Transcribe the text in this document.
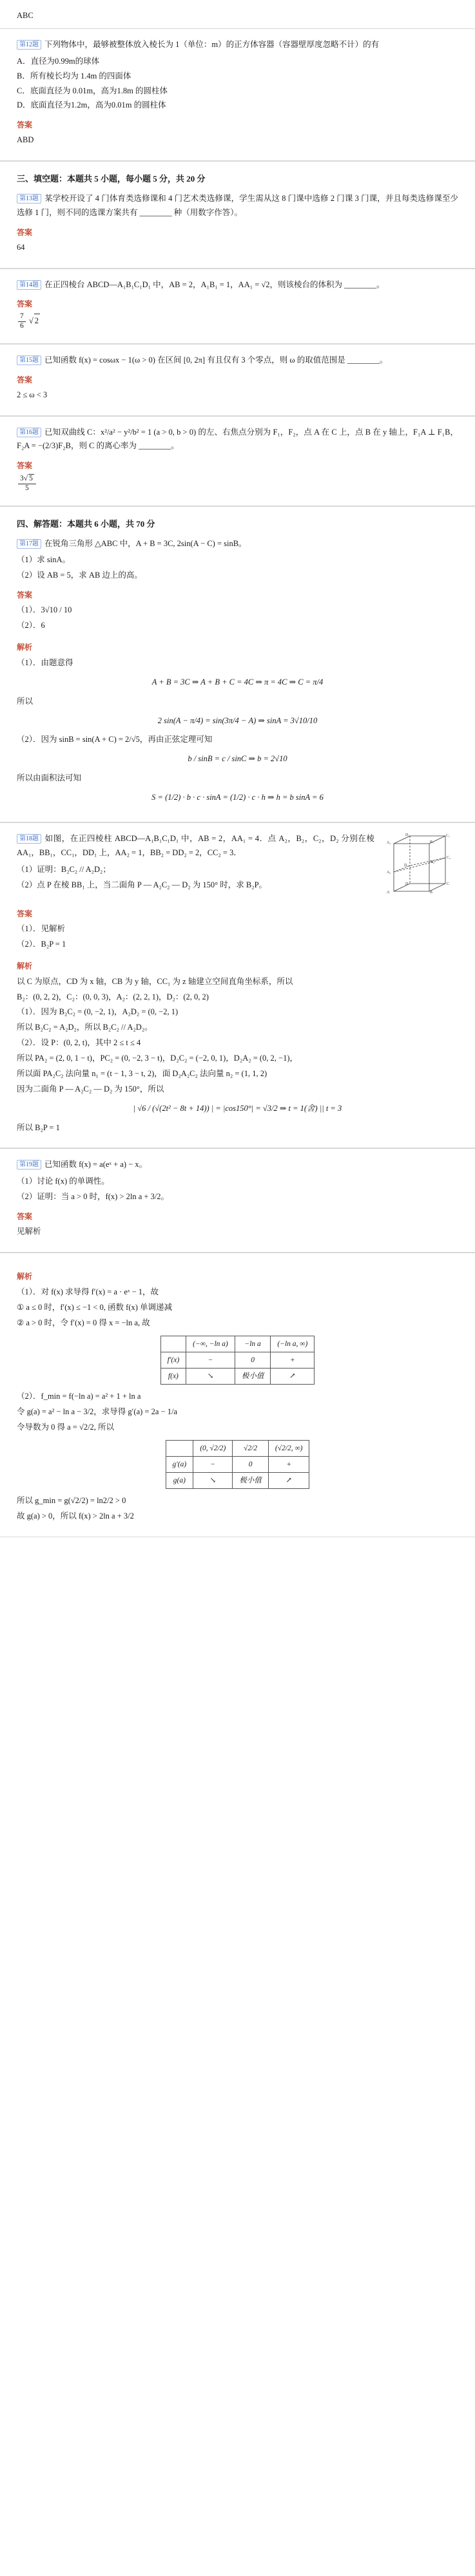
ABC
第12题 下列物体中，最够被整体放入棱长为 1（单位：m）的正方体容器（容器壁厚度忽略不计）的有
A．直径为0.99m的球体
B．所有棱长均为 1.4m 的四面体
C．底面直径为 0.01m，高为1.8m 的圆柱体
D．底面直径为1.2m，高为0.01m 的圆柱体
答案
ABD
三、填空题：本题共 5 小题，每小题 5 分，共 20 分
第13题 某学校开设了 4 门体育类选修课和 4 门艺术类选修课，学生需从这 8 门课中选修 2 门课 3 门课，并且每类选修课至少选修 1 门，则不同的选课方案共有 ________ 种（用数字作答）。
答案
64
第14题 在正四棱台 ABCD—A₁B₁C₁D₁ 中，AB = 2，A₁B₁ = 1，AA₁ = √2，则该棱台的体积为 ________。
答案
$\frac{7}{6}$ √ 2
第15题 已知函数 f(x) = cosωx − 1(ω > 0) 在区间 [0, 2π] 有且仅有 3 个零点，则 ω 的取值范围是 ________。
答案
2 ≤ ω < 3
第16题 已知双曲线 C：x²/a² − y²/b² = 1 (a > 0, b > 0) 的左、右焦点分别为 F₁，F₂，点 A 在 C 上，点 B 在 y 轴上，F₁A ⊥ F₁B，F₂A = −(2/3)F₂B，则 C 的离心率为 ________。
答案
$\frac{3√ 5}{5}$
四、解答题：本题共 6 小题，共 70 分
第17题 在锐角三角形 △ABC 中，A + B = 3C, 2sin(A − C) = sinB。
（1）求 sinA。
（2）设 AB = 5，求 AB 边上的高。
答案
（1）．3√10 / 10
（2）．6
解析
（1）．由题意得
A + B = 3C ⇒ A + B + C = 4C ⇒ π = 4C ⇒ C = π/4
所以
2 sin(A − π/4) = sin(3π/4 − A) ⇒ sinA = 3√10/10
（2）．因为 sinB = sin(A + C) = 2/√5，再由正弦定理可知
b / sinB = c / sinC ⇒ b = 2√10
所以由面积法可知
S = (1/2) · b · c · sinA = (1/2) · c · h ⇒ h = b sinA = 6
A₁	B₁
C₁
D₁
A	B
C
D
A₂
B₂
C₂
D₂
第18题 如图，在正四棱柱 ABCD—A₁B₁C₁D₁ 中，AB = 2，AA₁ = 4．点 A₂，B₂，C₂，D₂ 分别在棱 AA₁，BB₁，CC₁，DD₁ 上，AA₂ = 1，BB₂ = DD₂ = 2，CC₂ = 3．
（1）证明：B₂C₂ // A₂D₂；
（2）点 P 在棱 BB₁ 上，当二面角 P — A₂C₂ — D₂ 为 150° 时，求 B₂P。
答案
（1）．见解析
（2）．B₂P = 1
解析
以 C 为原点，CD 为 x 轴，CB 为 y 轴，CC₁ 为 z 轴建立空间直角坐标系，所以
B₂：(0, 2, 2)，C₂：(0, 0, 3)，A₂：(2, 2, 1)，D₂：(2, 0, 2)
（1）．因为 B₂C₂ = (0, −2, 1)，A₂D₂ = (0, −2, 1)
所以 B₂C₂ = A₂D₂，所以 B₂C₂ // A₂D₂。
（2）．设 P：(0, 2, t)，其中 2 ≤ t ≤ 4
所以 PA₂ = (2, 0, 1 − t)，PC₂ = (0, −2, 3 − t)，D₂C₂ = (−2, 0, 1)，D₂A₂ = (0, 2, −1)，
所以面 PA₂C₂ 法向量 n₁ = (t − 1, 3 − t, 2)，面 D₂A₂C₂ 法向量 n₂ = (1, 1, 2)
因为二面角 P — A₂C₂ — D₂ 为 150°，所以
| √6 / (√(2t² − 8t + 14)) | = |cos150°| = √3/2 ⇒ t = 1(舍) || t = 3
所以 B₂P = 1
第19题 已知函数 f(x) = a(eˣ + a) − x。
（1）讨论 f(x) 的单调性。
（2）证明：当 a > 0 时，f(x) > 2ln a + 3/2。
答案
见解析
解析
（1）．对 f(x) 求导得 f′(x) = a · eˣ − 1，故
① a ≤ 0 时，f′(x) ≤ −1 < 0, 函数 f(x) 单调递减
② a > 0 时，令 f′(x) = 0 得 x = −ln a, 故
	(−∞, −ln a)	−ln a	(−ln a, ∞)
f′(x)	−	0	+
f(x)	↘	极小值	↗
（2）．f_min = f(−ln a) = a² + 1 + ln a
令 g(a) = a² − ln a − 3/2，求导得 g′(a) = 2a − 1/a
令导数为 0 得 a = √2/2, 所以
	(0, √2/2)	√2/2	(√2/2, ∞)
g′(a)	−	0	+
g(a)	↘	极小值	↗
所以 g_min = g(√2/2) = ln2/2 > 0
故 g(a) > 0，所以 f(x) > 2ln a + 3/2
